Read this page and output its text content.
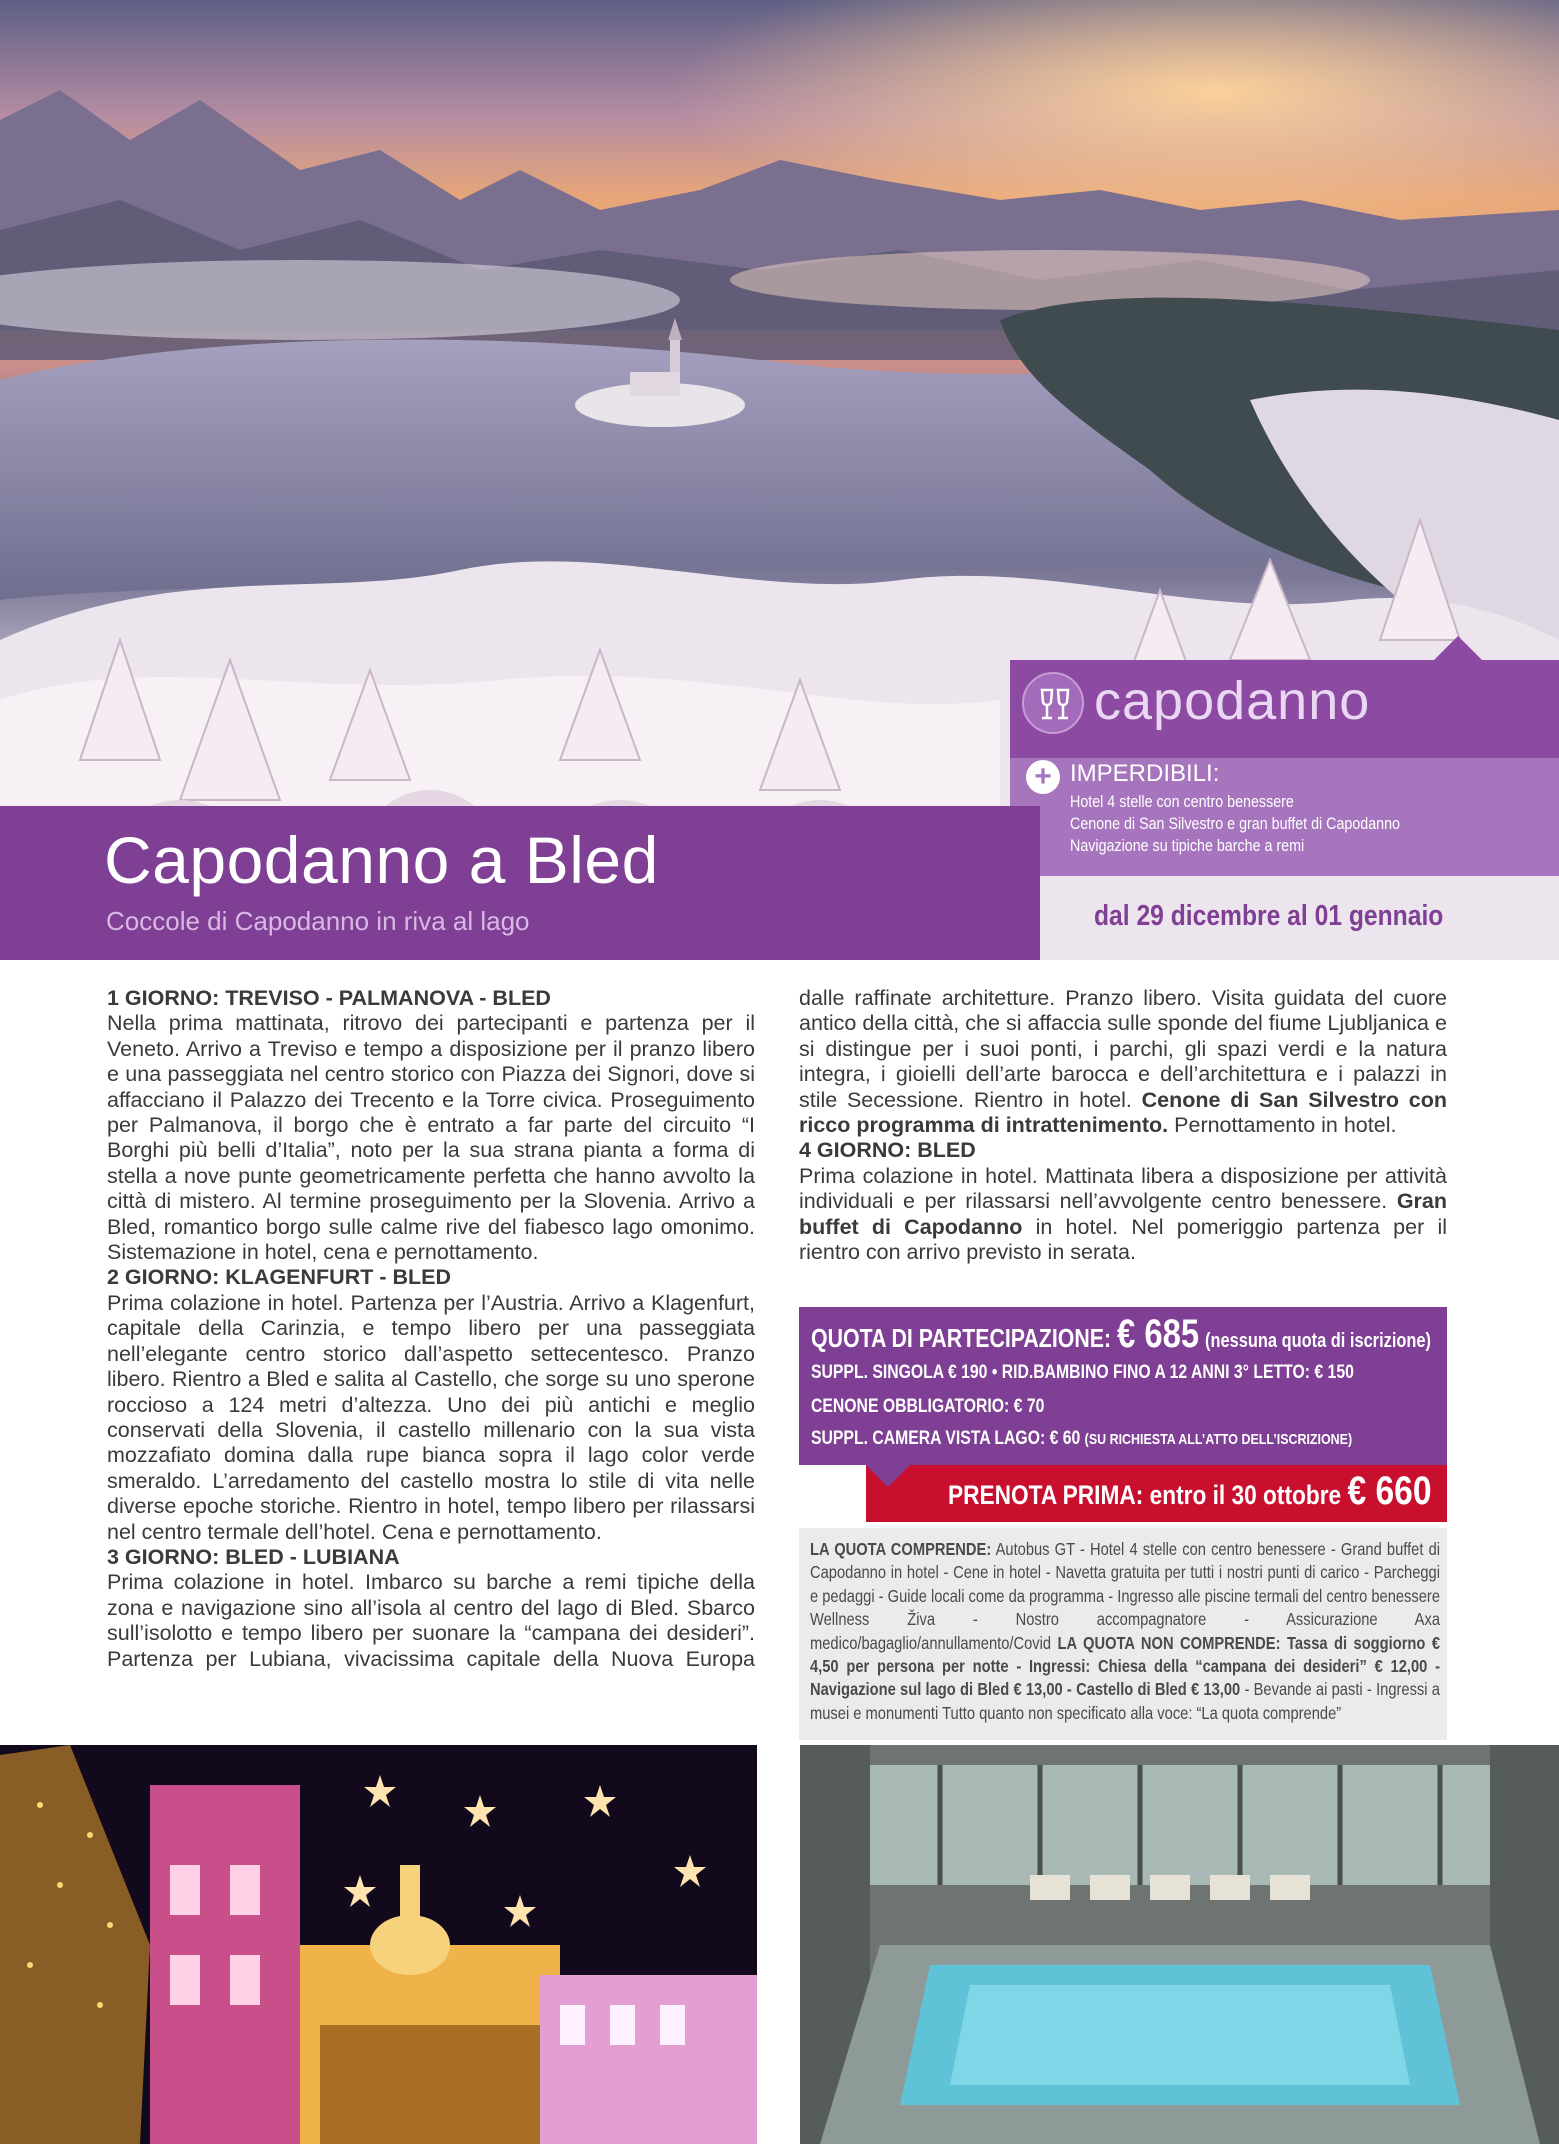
capodanno
+ IMPERDIBILI:
Hotel 4 stelle con centro benessere
Cenone di San Silvestro e gran buffet di Capodanno
Navigazione su tipiche barche a remi
Capodanno a Bled
Coccole di Capodanno in riva al lago	dal 29 dicembre al 01 gennaio
1 GIORNO: TREVISO - PALMANOVA - BLED
Nella prima mattinata, ritrovo dei partecipanti e partenza per il Veneto. Arrivo a Treviso e tempo a disposizione per il pranzo libero e una passeggiata nel centro storico con Piazza dei Signori, dove si affacciano il Palazzo dei Trecento e la Torre civica. Proseguimento per Palmanova, il borgo che è entrato a far parte del circuito “I Borghi più belli d’Italia”, noto per la sua strana pianta a forma di stella a nove punte geometricamente perfetta che hanno avvolto la città di mistero. Al termine proseguimento per la Slovenia. Arrivo a Bled, romantico borgo sulle calme rive del fiabesco lago omonimo. Sistemazione in hotel, cena e pernottamento.
2 GIORNO: KLAGENFURT - BLED
Prima colazione in hotel. Partenza per l’Austria. Arrivo a Klagenfurt, capitale della Carinzia, e tempo libero per una passeggiata nell’elegante centro storico dall’aspetto settecentesco. Pranzo libero. Rientro a Bled e salita al Castello, che sorge su uno sperone roccioso a 124 metri d’altezza. Uno dei più antichi e meglio conservati della Slovenia, il castello millenario con la sua vista mozzafiato domina dalla rupe bianca sopra il lago color verde smeraldo. L’arredamento del castello mostra lo stile di vita nelle diverse epoche storiche. Rientro in hotel, tempo libero per rilassarsi nel centro termale dell’hotel. Cena e pernottamento.
3 GIORNO: BLED - LUBIANA
Prima colazione in hotel. Imbarco su barche a remi tipiche della zona e navigazione sino all’isola al centro del lago di Bled. Sbarco sull’isolotto e tempo libero per suonare la “campana dei desideri”. Partenza per Lubiana, vivacissima capitale della Nuova Europa
dalle raffinate architetture. Pranzo libero. Visita guidata del cuore antico della città, che si affaccia sulle sponde del fiume Ljubljanica e si distingue per i suoi ponti, i parchi, gli spazi verdi e la natura integra, i gioielli dell’arte barocca e dell’architettura e i palazzi in stile Secessione. Rientro in hotel. Cenone di San Silvestro con ricco programma di intrattenimento. Pernottamento in hotel.
4 GIORNO: BLED
Prima colazione in hotel. Mattinata libera a disposizione per attività individuali e per rilassarsi nell’avvolgente centro benessere. Gran buffet di Capodanno in hotel. Nel pomeriggio partenza per il rientro con arrivo previsto in serata.
QUOTA DI PARTECIPAZIONE: € 685 (nessuna quota di iscrizione)
SUPPL. SINGOLA € 190 • RID.BAMBINO FINO A 12 ANNI 3° LETTO: € 150
CENONE OBBLIGATORIO: € 70
SUPPL. CAMERA VISTA LAGO: € 60 (SU RICHIESTA ALL’ATTO DELL’ISCRIZIONE)
PRENOTA PRIMA: entro il 30 ottobre € 660
LA QUOTA COMPRENDE: Autobus GT - Hotel 4 stelle con centro benessere - Grand buffet di Capodanno in hotel - Cene in hotel - Navetta gratuita per tutti i nostri punti di carico - Parcheggi e pedaggi - Guide locali come da programma - Ingresso alle piscine termali del centro benessere Wellness Živa - Nostro accompagnatore - Assicurazione Axa medico/bagaglio/annullamento/Covid LA QUOTA NON COMPRENDE: Tassa di soggiorno € 4,50 per persona per notte - Ingressi: Chiesa della “campana dei desideri” € 12,00 - Navigazione sul lago di Bled € 13,00 - Castello di Bled € 13,00 - Bevande ai pasti - Ingressi a musei e monumenti Tutto quanto non specificato alla voce: “La quota comprende”
